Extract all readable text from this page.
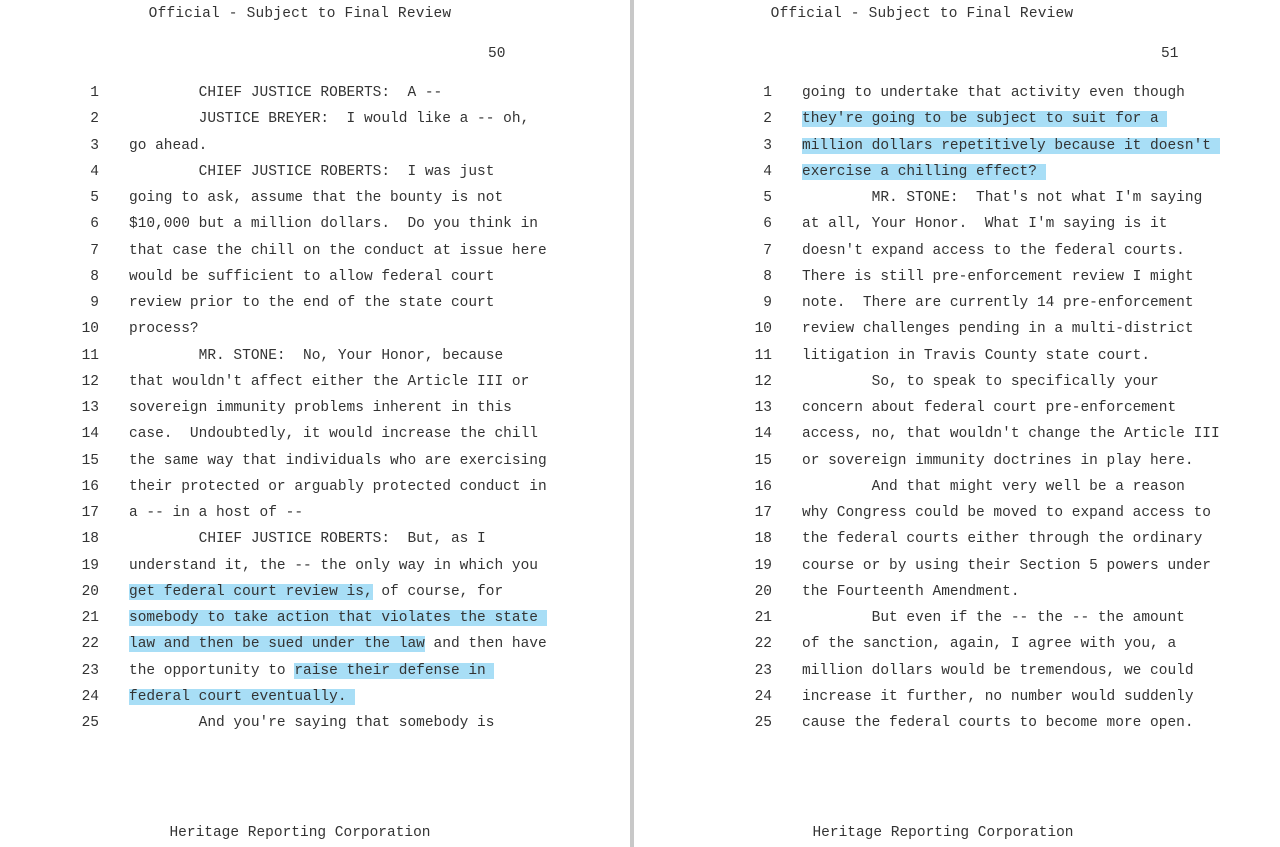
Official - Subject to Final Review
50
1 CHIEF JUSTICE ROBERTS:  A --
2 JUSTICE BREYER:  I would like a -- oh,
3 go ahead.
4 CHIEF JUSTICE ROBERTS:  I was just
5 going to ask, assume that the bounty is not
6 $10,000 but a million dollars.  Do you think in
7 that case the chill on the conduct at issue here
8 would be sufficient to allow federal court
9 review prior to the end of the state court
10 process?
11 MR. STONE:  No, Your Honor, because
12 that wouldn't affect either the Article III or
13 sovereign immunity problems inherent in this
14 case.  Undoubtedly, it would increase the chill
15 the same way that individuals who are exercising
16 their protected or arguably protected conduct in
17 a -- in a host of --
18 CHIEF JUSTICE ROBERTS:  But, as I
19 understand it, the -- the only way in which you
20 get federal court review is, of course, for
21 somebody to take action that violates the state
22 law and then be sued under the law and then have
23 the opportunity to raise their defense in
24 federal court eventually.
25 And you're saying that somebody is
Heritage Reporting Corporation
Official - Subject to Final Review
51
1 going to undertake that activity even though
2 they're going to be subject to suit for a
3 million dollars repetitively because it doesn't
4 exercise a chilling effect?
5 MR. STONE:  That's not what I'm saying
6 at all, Your Honor.  What I'm saying is it
7 doesn't expand access to the federal courts.
8 There is still pre-enforcement review I might
9 note.  There are currently 14 pre-enforcement
10 review challenges pending in a multi-district
11 litigation in Travis County state court.
12 So, to speak to specifically your
13 concern about federal court pre-enforcement
14 access, no, that wouldn't change the Article III
15 or sovereign immunity doctrines in play here.
16 And that might very well be a reason
17 why Congress could be moved to expand access to
18 the federal courts either through the ordinary
19 course or by using their Section 5 powers under
20 the Fourteenth Amendment.
21 But even if the -- the -- the amount
22 of the sanction, again, I agree with you, a
23 million dollars would be tremendous, we could
24 increase it further, no number would suddenly
25 cause the federal courts to become more open.
Heritage Reporting Corporation
